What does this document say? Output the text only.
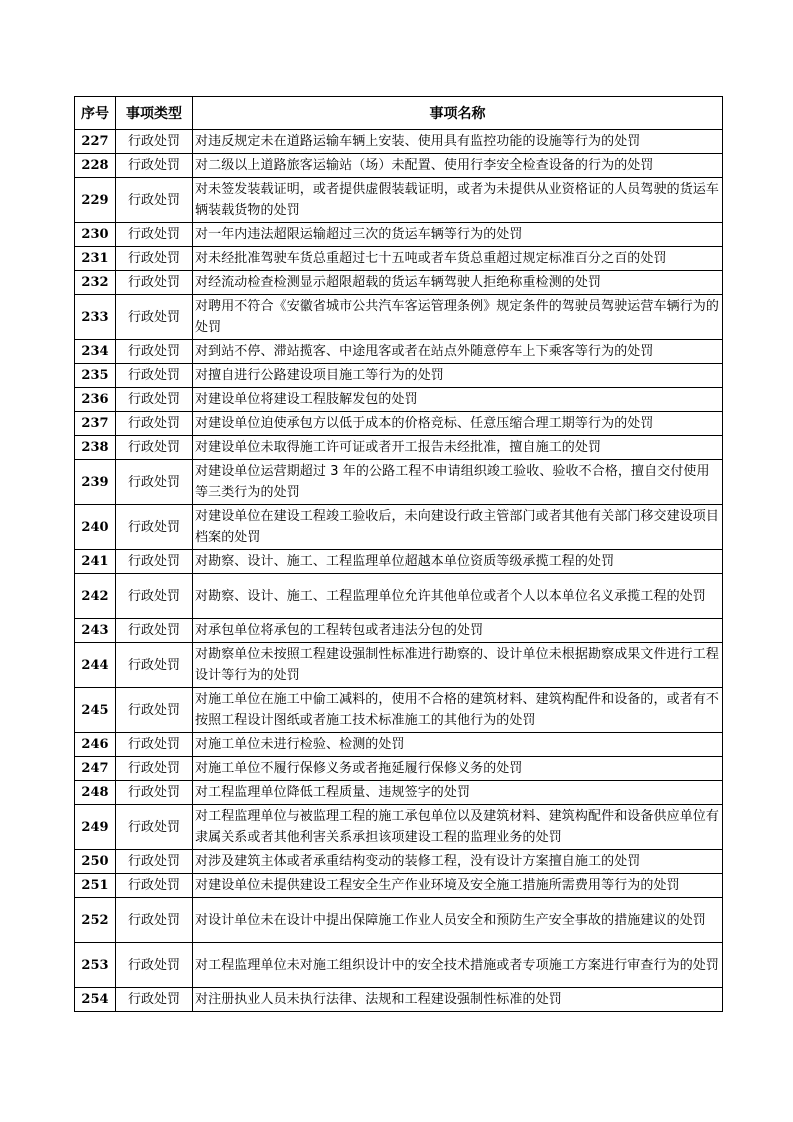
序号	事项类型	事项名称
227	行政处罚	对违反规定未在道路运输车辆上安装、使用具有监控功能的设施等行为的处罚
228	行政处罚	对二级以上道路旅客运输站（场）未配置、使用行李安全检查设备的行为的处罚
229	行政处罚	对未签发装载证明，或者提供虚假装载证明，或者为未提供从业资格证的人员驾驶的货运车辆装载货物的处罚
230	行政处罚	对一年内违法超限运输超过三次的货运车辆等行为的处罚
231	行政处罚	对未经批准驾驶车货总重超过七十五吨或者车货总重超过规定标准百分之百的处罚
232	行政处罚	对经流动检查检测显示超限超载的货运车辆驾驶人拒绝称重检测的处罚
233	行政处罚	对聘用不符合《安徽省城市公共汽车客运管理条例》规定条件的驾驶员驾驶运营车辆行为的处罚
234	行政处罚	对到站不停、滞站揽客、中途甩客或者在站点外随意停车上下乘客等行为的处罚
235	行政处罚	对擅自进行公路建设项目施工等行为的处罚
236	行政处罚	对建设单位将建设工程肢解发包的处罚
237	行政处罚	对建设单位迫使承包方以低于成本的价格竞标、任意压缩合理工期等行为的处罚
238	行政处罚	对建设单位未取得施工许可证或者开工报告未经批准，擅自施工的处罚
239	行政处罚	对建设单位运营期超过 3 年的公路工程不申请组织竣工验收、验收不合格，擅自交付使用等三类行为的处罚
240	行政处罚	对建设单位在建设工程竣工验收后，未向建设行政主管部门或者其他有关部门移交建设项目档案的处罚
241	行政处罚	对勘察、设计、施工、工程监理单位超越本单位资质等级承揽工程的处罚
242	行政处罚	对勘察、设计、施工、工程监理单位允许其他单位或者个人以本单位名义承揽工程的处罚
243	行政处罚	对承包单位将承包的工程转包或者违法分包的处罚
244	行政处罚	对勘察单位未按照工程建设强制性标准进行勘察的、设计单位未根据勘察成果文件进行工程设计等行为的处罚
245	行政处罚	对施工单位在施工中偷工减料的，使用不合格的建筑材料、建筑构配件和设备的，或者有不按照工程设计图纸或者施工技术标准施工的其他行为的处罚
246	行政处罚	对施工单位未进行检验、检测的处罚
247	行政处罚	对施工单位不履行保修义务或者拖延履行保修义务的处罚
248	行政处罚	对工程监理单位降低工程质量、违规签字的处罚
249	行政处罚	对工程监理单位与被监理工程的施工承包单位以及建筑材料、建筑构配件和设备供应单位有隶属关系或者其他利害关系承担该项建设工程的监理业务的处罚
250	行政处罚	对涉及建筑主体或者承重结构变动的装修工程，没有设计方案擅自施工的处罚
251	行政处罚	对建设单位未提供建设工程安全生产作业环境及安全施工措施所需费用等行为的处罚
252	行政处罚	对设计单位未在设计中提出保障施工作业人员安全和预防生产安全事故的措施建议的处罚
253	行政处罚	对工程监理单位未对施工组织设计中的安全技术措施或者专项施工方案进行审查行为的处罚
254	行政处罚	对注册执业人员未执行法律、法规和工程建设强制性标准的处罚
